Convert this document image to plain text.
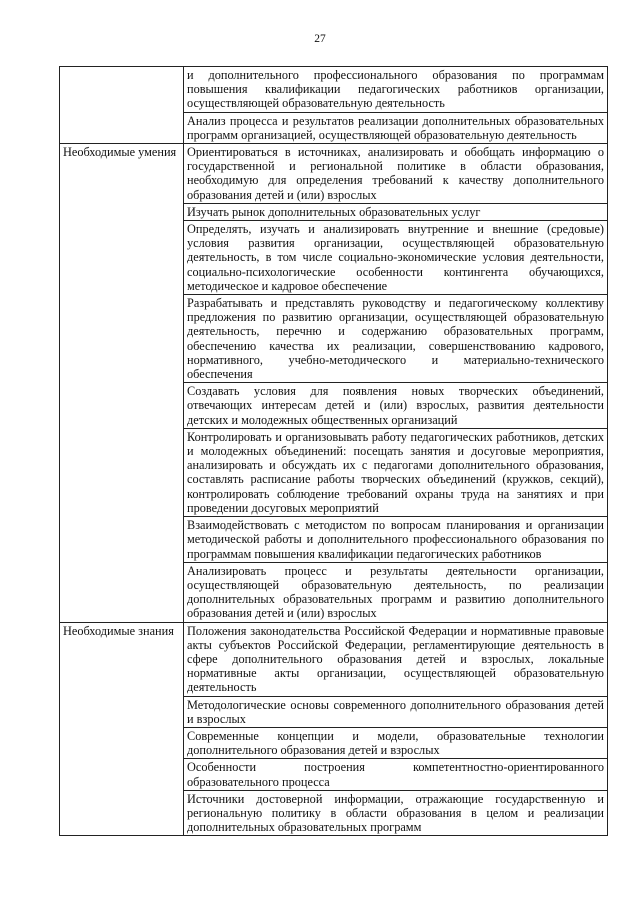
27
	и дополнительного профессионального образования по программам повышения квалификации педагогических работников организации, осуществляющей образовательную деятельность
	Анализ процесса и результатов реализации дополнительных образовательных программ организацией, осуществляющей образовательную деятельность

Необходимые умения	Ориентироваться в источниках, анализировать и обобщать информацию о государственной и региональной политике в области образования, необходимую для определения требований к качеству дополнительного образования детей и (или) взрослых
	Изучать рынок дополнительных образовательных услуг
	Определять, изучать и анализировать внутренние и внешние (средовые) условия развития организации, осуществляющей образовательную деятельность, в том числе социально-экономические условия деятельности, социально-психологические особенности контингента обучающихся, методическое и кадровое обеспечение
	Разрабатывать и представлять руководству и педагогическому коллективу предложения по развитию организации, осуществляющей образовательную деятельность, перечню и содержанию образовательных программ, обеспечению качества их реализации, совершенствованию кадрового, нормативного, учебно-методического и материально-технического обеспечения
	Создавать условия для появления новых творческих объединений, отвечающих интересам детей и (или) взрослых, развития деятельности детских и молодежных общественных организаций
	Контролировать и организовывать работу педагогических работников, детских и молодежных объединений: посещать занятия и досуговые мероприятия, анализировать и обсуждать их с педагогами дополнительного образования, составлять расписание работы творческих объединений (кружков, секций), контролировать соблюдение требований охраны труда на занятиях и при проведении досуговых мероприятий
	Взаимодействовать с методистом по вопросам планирования и организации методической работы и дополнительного профессионального образования по программам повышения квалификации педагогических работников
	Анализировать процесс и результаты деятельности организации, осуществляющей образовательную деятельность, по реализации дополнительных образовательных программ и развитию дополнительного образования детей и (или) взрослых

Необходимые знания	Положения законодательства Российской Федерации и нормативные правовые акты субъектов Российской Федерации, регламентирующие деятельность в сфере дополнительного образования детей и взрослых, локальные нормативные акты организации, осуществляющей образовательную деятельность
	Методологические основы современного дополнительного образования детей и взрослых
	Современные концепции и модели, образовательные технологии дополнительного образования детей и взрослых
	Особенности построения компетентностно-ориентированного образовательного процесса
	Источники достоверной информации, отражающие государственную и региональную политику в области образования в целом и реализации дополнительных образовательных программ
